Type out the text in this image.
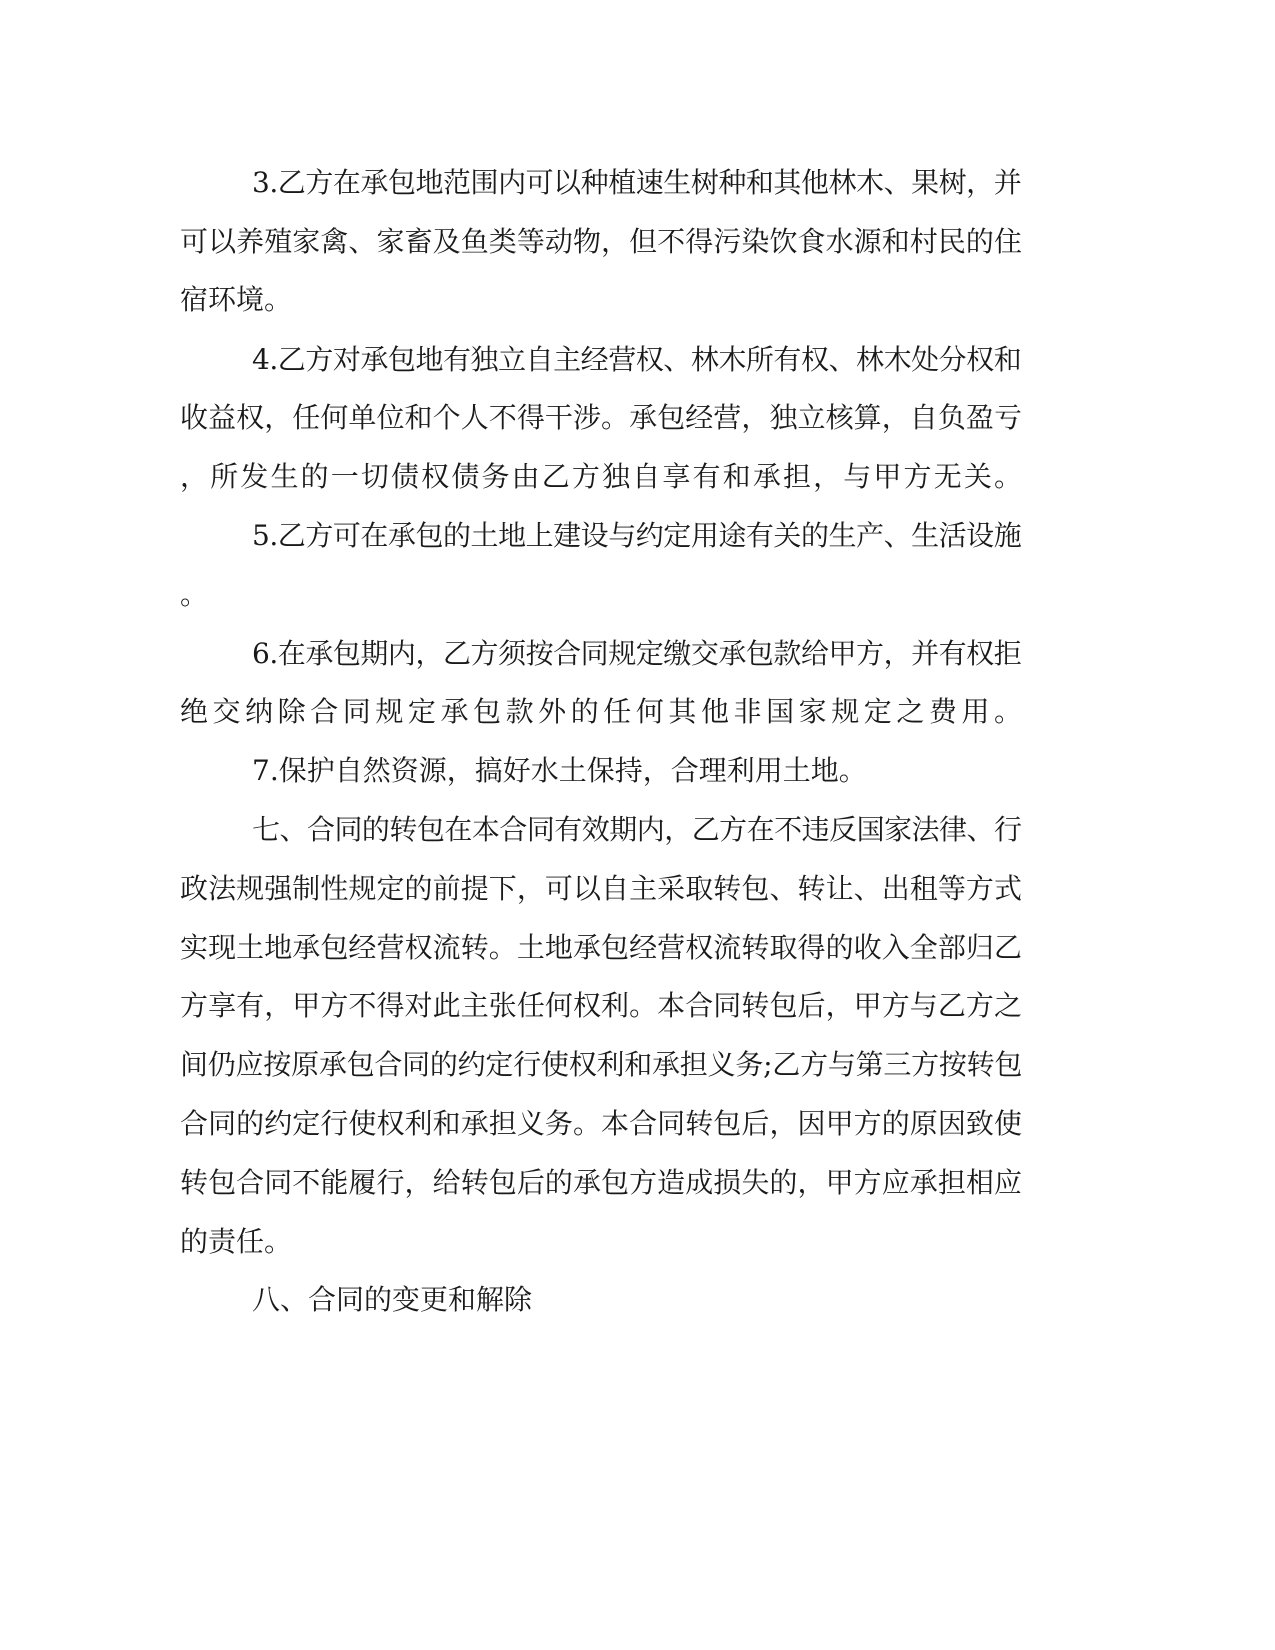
3.乙方在承包地范围内可以种植速生树种和其他林木、果树，并

可以养殖家禽、家畜及鱼类等动物，但不得污染饮食水源和村民的住

宿环境。

4.乙方对承包地有独立自主经营权、林木所有权、林木处分权和

收益权，任何单位和个人不得干涉。承包经营，独立核算，自负盈亏

，所发生的一切债权债务由乙方独自享有和承担，与甲方无关。

5.乙方可在承包的土地上建设与约定用途有关的生产、生活设施

。

6.在承包期内，乙方须按合同规定缴交承包款给甲方，并有权拒

绝交纳除合同规定承包款外的任何其他非国家规定之费用。

7.保护自然资源，搞好水土保持，合理利用土地。

七、合同的转包在本合同有效期内，乙方在不违反国家法律、行

政法规强制性规定的前提下，可以自主采取转包、转让、出租等方式

实现土地承包经营权流转。土地承包经营权流转取得的收入全部归乙

方享有，甲方不得对此主张任何权利。本合同转包后，甲方与乙方之

间仍应按原承包合同的约定行使权利和承担义务;乙方与第三方按转包

合同的约定行使权利和承担义务。本合同转包后，因甲方的原因致使

转包合同不能履行，给转包后的承包方造成损失的，甲方应承担相应

的责任。

八、合同的变更和解除
